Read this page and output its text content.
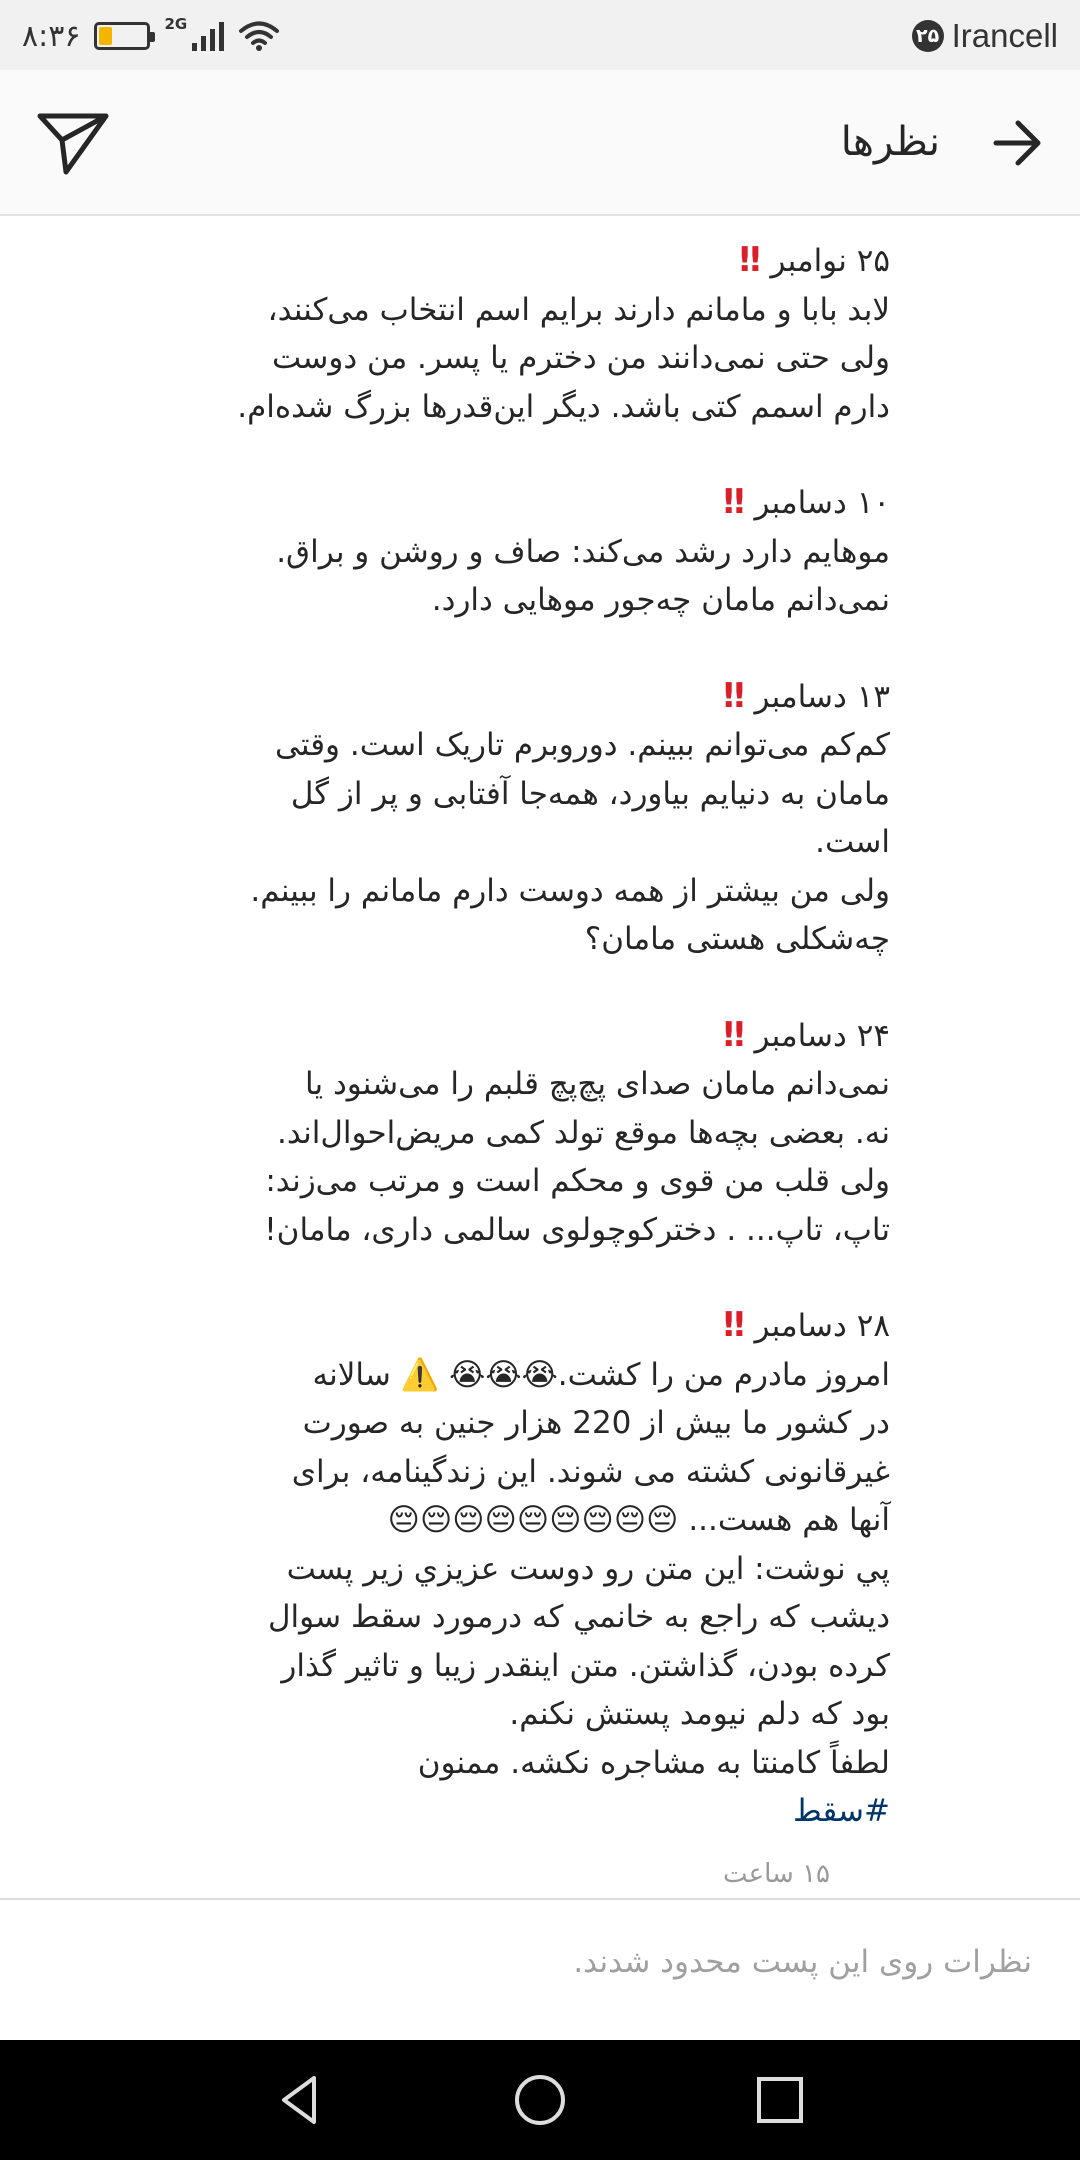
۸:۳۶	2G
۲۵ Irancell
نظرها
۲۵ نوامبر ‼
لابد بابا و مامانم دارند برایم اسم انتخاب می‌کنند،
ولی حتی نمی‌دانند من دخترم یا پسر. من دوست
دارم اسمم کتی باشد. دیگر این‌قدرها بزرگ شده‌ام.
۱۰ دسامبر ‼
موهایم دارد رشد می‌کند: صاف و روشن و براق.
نمی‌دانم مامان چه‌جور موهایی دارد.
۱۳ دسامبر ‼
کم‌کم می‌توانم ببینم. دوروبرم تاریک است. وقتی
مامان به دنیایم بیاورد، همه‌جا آفتابی و پر از گل
است.
ولی من بیشتر از همه دوست دارم مامانم را ببینم.
چه‌شکلی هستی مامان؟
۲۴ دسامبر ‼
نمی‌دانم مامان صدای پچ‌پچ قلبم را می‌شنود یا
نه. بعضی بچه‌ها موقع تولد کمی مریض‌احوال‌اند.
ولی قلب من قوی و محکم است و مرتب می‌زند:
تاپ، تاپ... . دخترکوچولوی سالمی داری، مامان!
۲۸ دسامبر ‼
امروز مادرم من را کشت.😭😭😭 ⚠️ سالانه
در کشور ما بیش از 220 هزار جنین به صورت
غیرقانونی کشته می شوند. این زندگینامه، برای
آنها هم هست... 😔😔😔😔😔😔😔😔😔
پي نوشت: اين متن رو دوست عزيزي زير پست
ديشب كه راجع به خانمي كه درمورد سقط سوال
كرده بودن، گذاشتن. متن اينقدر زيبا و تاثير گذار
بود كه دلم نيومد پستش نكنم.
لطفاً كامنتا به مشاجره نكشه. ممنون
#سقط
۱۵ ساعت
نظرات روی این پست محدود شدند.
